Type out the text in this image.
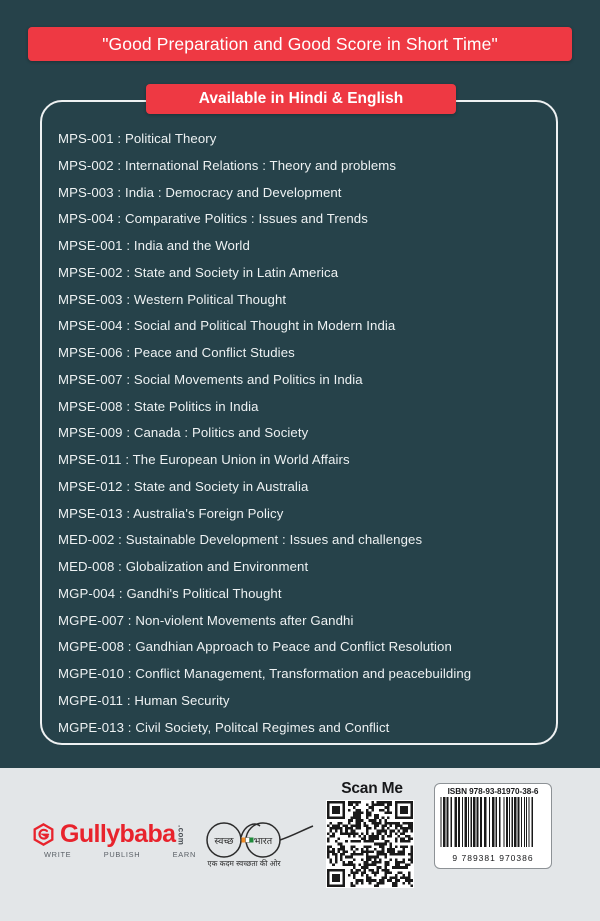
"Good Preparation and Good Score in Short Time"
Available in Hindi & English
MPS-001 : Political Theory
MPS-002 : International Relations : Theory and problems
MPS-003 : India : Democracy and Development
MPS-004 : Comparative Politics : Issues and Trends
MPSE-001 : India and the World
MPSE-002 : State and Society in Latin America
MPSE-003 : Western Political Thought
MPSE-004 : Social and Political Thought in Modern India
MPSE-006 : Peace and Conflict Studies
MPSE-007 : Social Movements and Politics in India
MPSE-008 : State Politics in India
MPSE-009 : Canada : Politics and Society
MPSE-011 : The European Union in World Affairs
MPSE-012 : State and Society in Australia
MPSE-013 : Australia's Foreign Policy
MED-002 : Sustainable Development : Issues and challenges
MED-008 : Globalization and Environment
MGP-004 : Gandhi's Political Thought
MGPE-007 : Non-violent Movements after Gandhi
MGPE-008 : Gandhian Approach to Peace and Conflict Resolution
MGPE-010 : Conflict Management, Transformation and peacebuilding
MGPE-011 : Human Security
MGPE-013 : Civil Society, Politcal Regimes and Conflict
Gullybaba .com
WRITE	PUBLISH	EARN
स्वच्छ भारत
एक कदम स्वच्छता की ओर
Scan Me	ISBN 978-93-81970-38-6
9 789381 970386
